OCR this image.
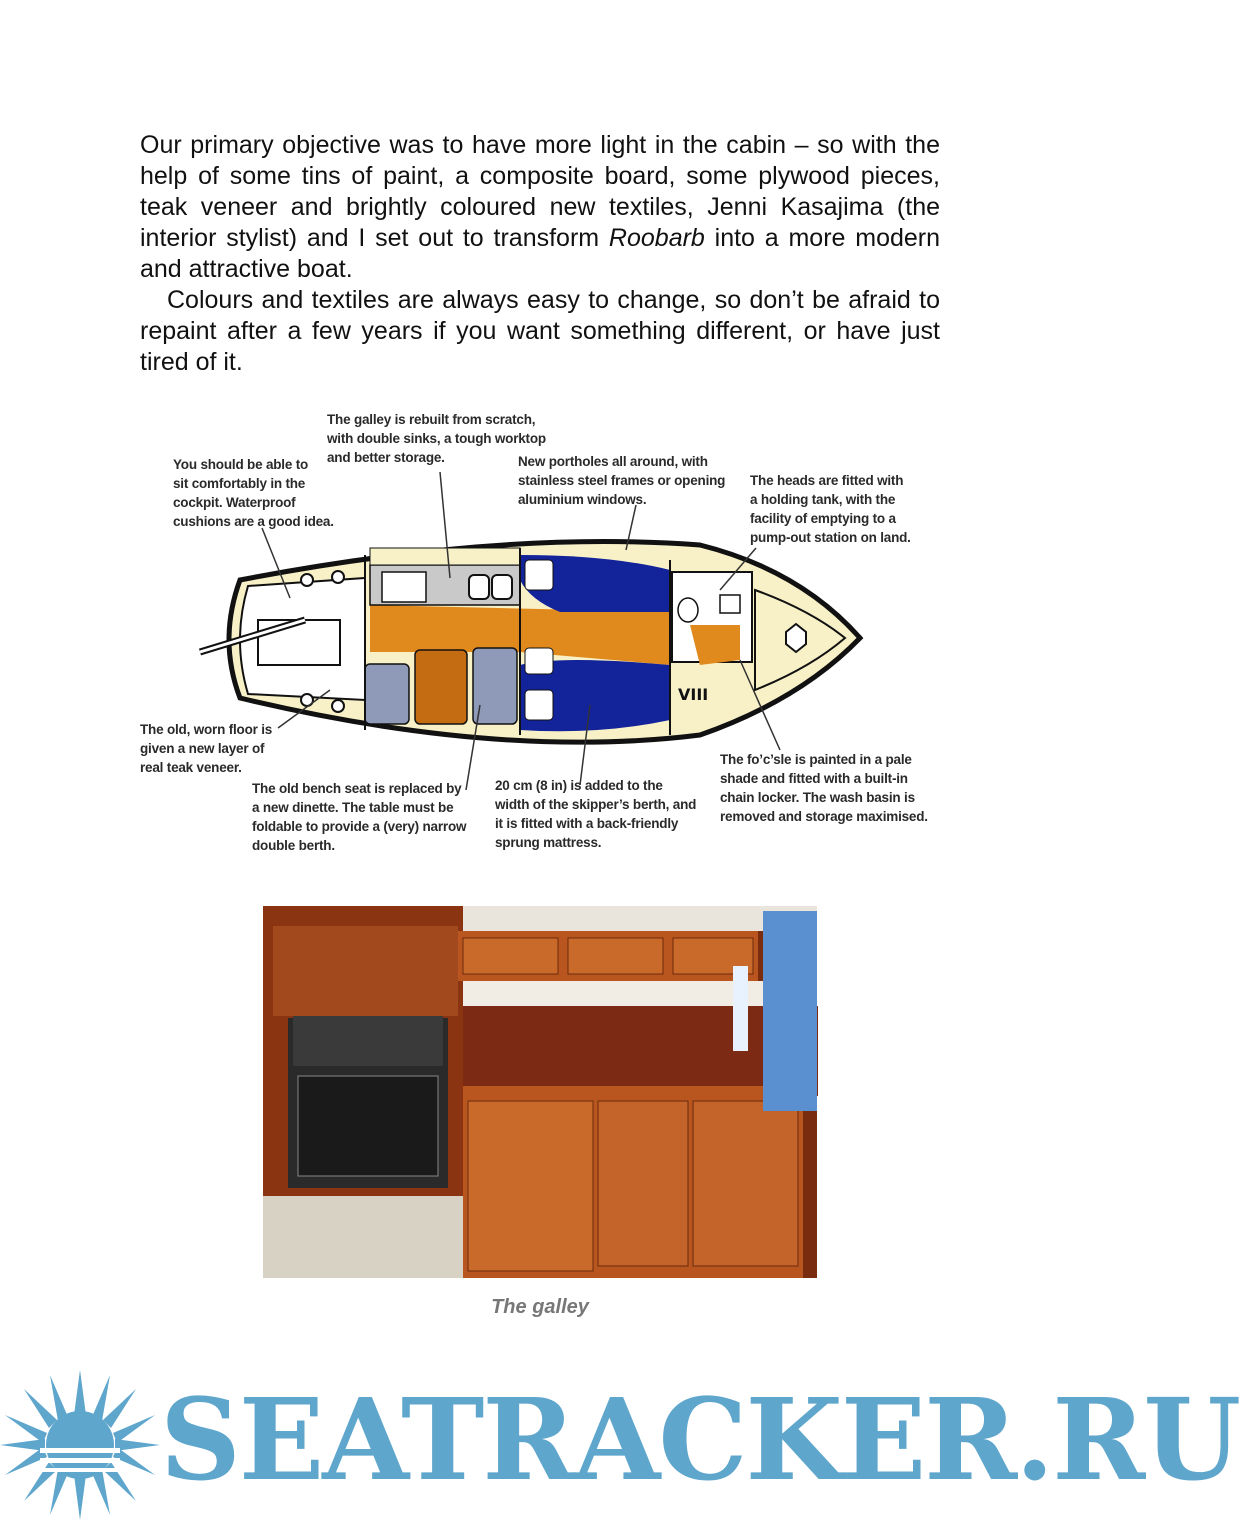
Our primary objective was to have more light in the cabin – so with the help of some tins of paint, a composite board, some plywood pieces, teak veneer and brightly coloured new textiles, Jenni Kasajima (the interior stylist) and I set out to transform Roobarb into a more modern and attractive boat.

Colours and textiles are always easy to change, so don’t be afraid to repaint after a few years if you want something different, or have just tired of it.

VIII
The galley is rebuilt from scratch,
with double sinks, a tough worktop
and better storage.
You should be able to
sit comfortably in the
cockpit. Waterproof
cushions are a good idea.
New portholes all around, with
stainless steel frames or opening
aluminium windows.
The heads are fitted with
a holding tank, with the
facility of emptying to a
pump-out station on land.
The old, worn floor is
given a new layer of
real teak veneer.
The old bench seat is replaced by
a new dinette. The table must be
foldable to provide a (very) narrow
double berth.
20 cm (8 in) is added to the
width of the skipper’s berth, and
it is fitted with a back-friendly
sprung mattress.
The fo’c’sle is painted in a pale
shade and fitted with a built-in
chain locker. The wash basin is
removed and storage maximised.
The galley
SEATRACKER.RU
